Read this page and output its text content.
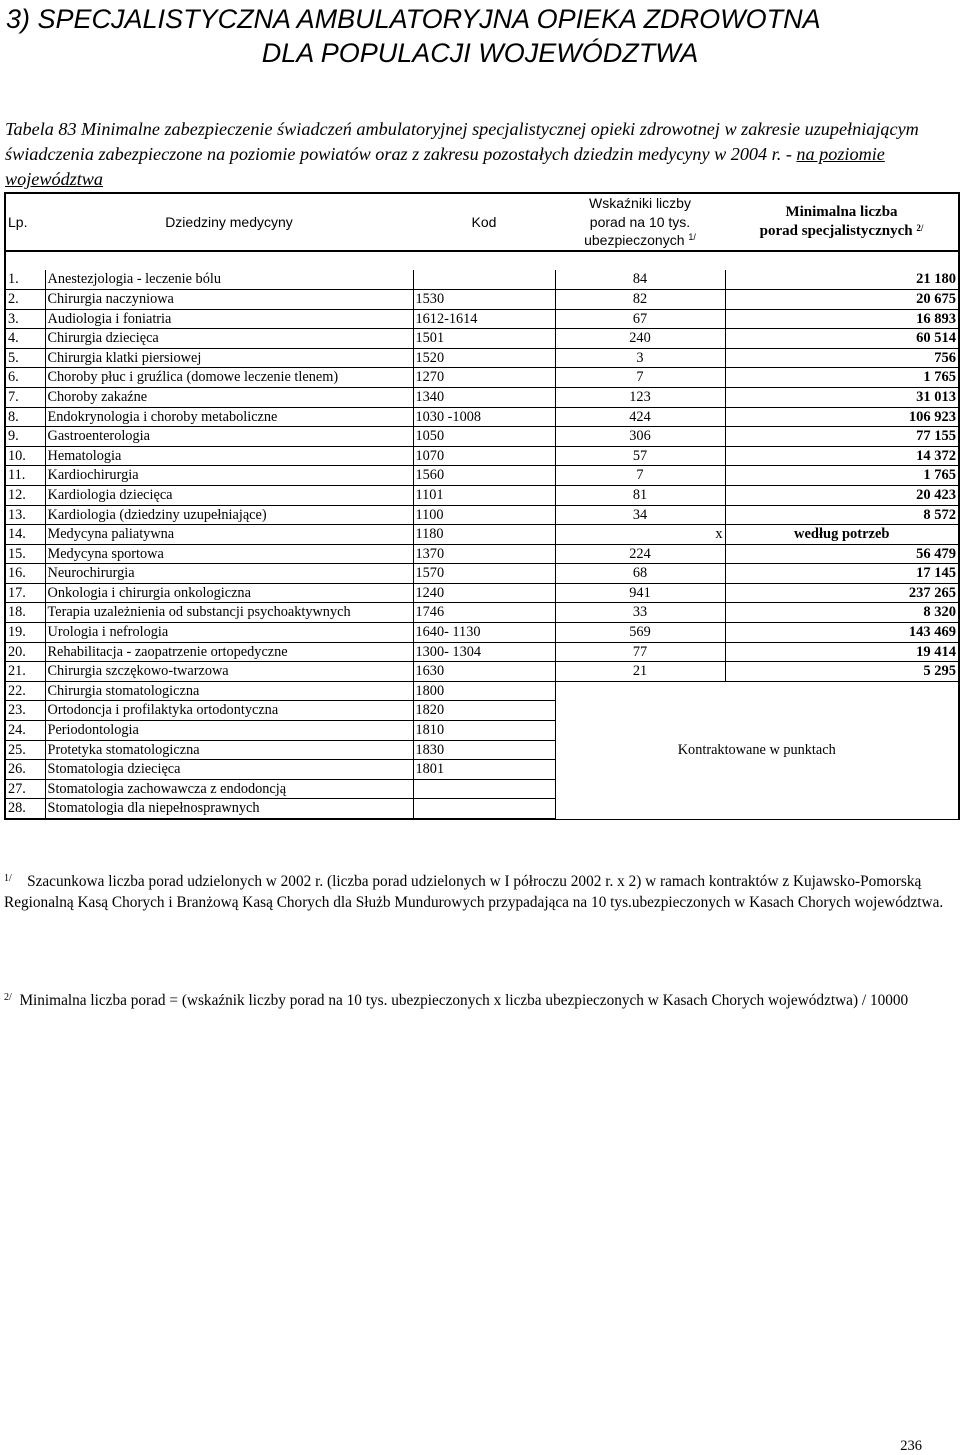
3) SPECJALISTYCZNA AMBULATORYJNA OPIEKA ZDROWOTNA
DLA POPULACJI WOJEWÓDZTWA
Tabela 83 Minimalne zabezpieczenie świadczeń ambulatoryjnej specjalistycznej opieki zdrowotnej w zakresie uzupełniającym świadczenia zabezpieczone na poziomie powiatów oraz z zakresu pozostałych dziedzin medycyny w 2004 r. - na poziomie województwa
Lp.	Dziedziny medycyny	Kod	Wskaźniki liczby
porad na 10 tys.
ubezpieczonych $^{1/}$	Minimalna liczba
porad specjalistycznych $^{2/}$

1.	Anestezjologia - leczenie bólu		84	21 180
2.	Chirurgia naczyniowa	1530	82	20 675
3.	Audiologia i foniatria	1612-1614	67	16 893
4.	Chirurgia dziecięca	1501	240	60 514
5.	Chirurgia klatki piersiowej	1520	3	756
6.	Choroby płuc i gruźlica (domowe leczenie tlenem)	1270	7	1 765
7.	Choroby zakaźne	1340	123	31 013
8.	Endokrynologia i choroby metaboliczne	1030 -1008	424	106 923
9.	Gastroenterologia	1050	306	77 155
10.	Hematologia	1070	57	14 372
11.	Kardiochirurgia	1560	7	1 765
12.	Kardiologia dziecięca	1101	81	20 423
13.	Kardiologia (dziedziny uzupełniające)	1100	34	8 572
14.	Medycyna paliatywna	1180	x	według potrzeb
15.	Medycyna sportowa	1370	224	56 479
16.	Neurochirurgia	1570	68	17 145
17.	Onkologia i chirurgia onkologiczna	1240	941	237 265
18.	Terapia uzależnienia od substancji psychoaktywnych	1746	33	8 320
19.	Urologia i nefrologia	1640- 1130	569	143 469
20.	Rehabilitacja - zaopatrzenie ortopedyczne	1300- 1304	77	19 414
21.	Chirurgia szczękowo-twarzowa	1630	21	5 295
22.	Chirurgia stomatologiczna	1800	Kontraktowane w punktach	
23.	Ortodoncja i profilaktyka ortodontyczna	1820		
24.	Periodontologia	1810		
25.	Protetyka stomatologiczna	1830		
26.	Stomatologia dziecięca	1801		
27.	Stomatologia zachowawcza z endodoncją			
28.	Stomatologia dla niepełnosprawnych			
$^{1/}$ Szacunkowa liczba porad udzielonych w 2002 r. (liczba porad udzielonych w I półroczu 2002 r. x 2) w ramach kontraktów z Kujawsko-Pomorską Regionalną Kasą Chorych i Branżową Kasą Chorych dla Służb Mundurowych przypadająca na 10 tys.ubezpieczonych w Kasach Chorych województwa.
$^{2/}$ Minimalna liczba porad = (wskaźnik liczby porad na 10 tys. ubezpieczonych x liczba ubezpieczonych w Kasach Chorych województwa) / 10000
236
